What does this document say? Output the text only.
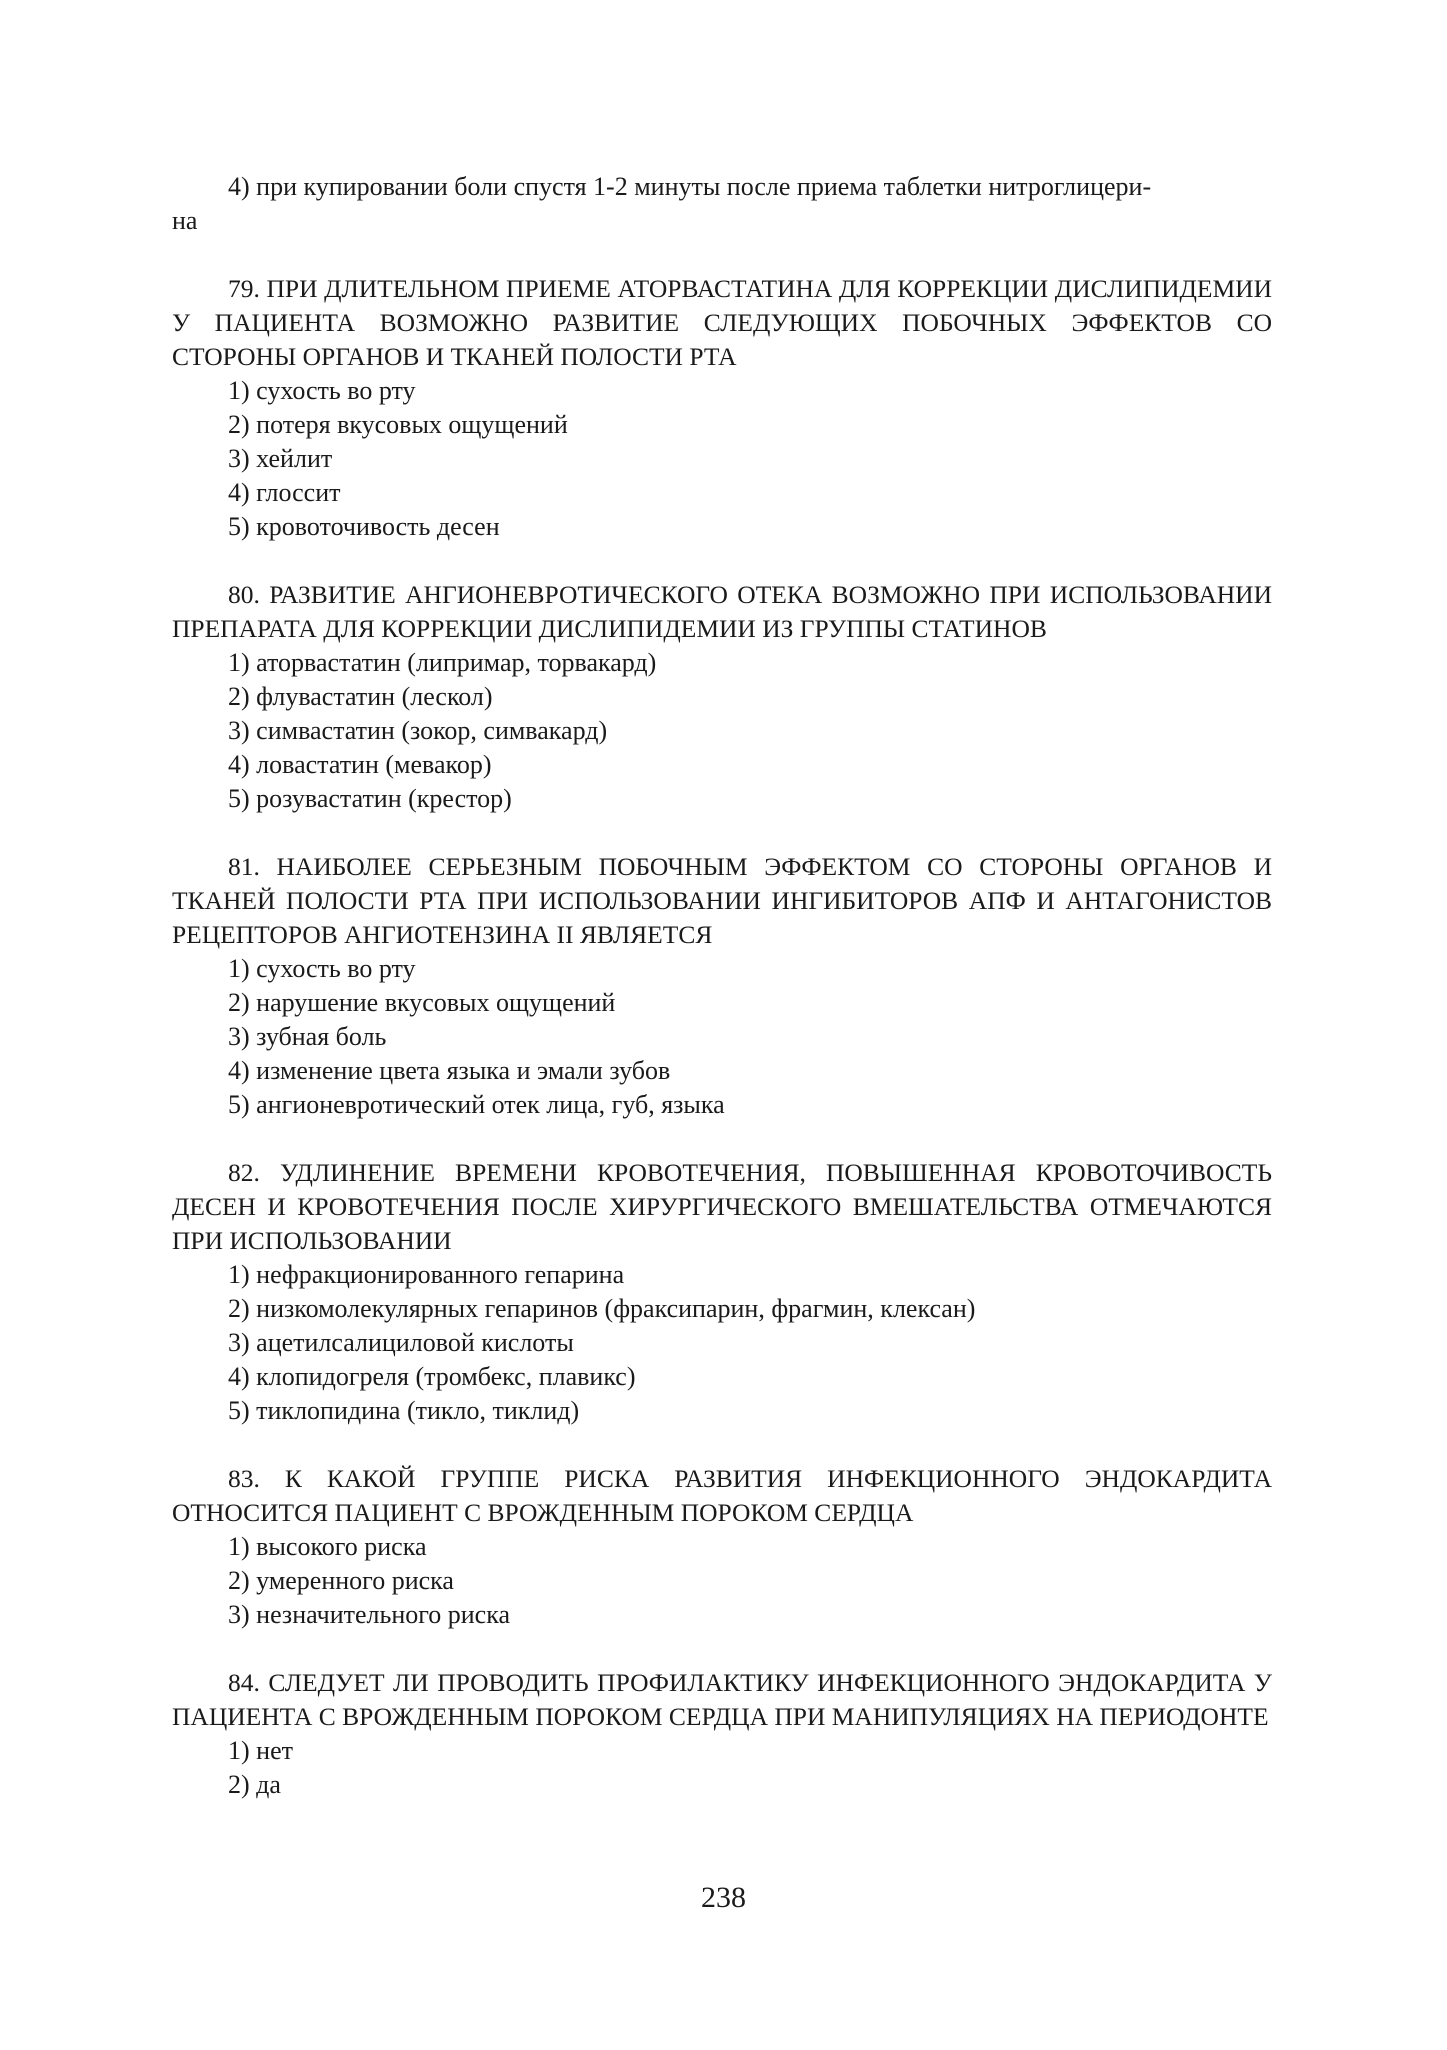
4) при купировании боли спустя 1-2 минуты после приема таблетки нитроглицери-
на

79. ПРИ ДЛИТЕЛЬНОМ ПРИЕМЕ АТОРВАСТАТИНА ДЛЯ КОРРЕКЦИИ ДИСЛИПИДЕМИИ У ПАЦИЕНТА ВОЗМОЖНО РАЗВИТИЕ СЛЕДУЮЩИХ ПОБОЧНЫХ ЭФФЕКТОВ СО СТОРОНЫ ОРГАНОВ И ТКАНЕЙ ПОЛОСТИ РТА

1) сухость во рту
2) потеря вкусовых ощущений
3) хейлит
4) глоссит
5) кровоточивость десен

80. РАЗВИТИЕ АНГИОНЕВРОТИЧЕСКОГО ОТЕКА ВОЗМОЖНО ПРИ ИСПОЛЬЗОВАНИИ ПРЕПАРАТА ДЛЯ КОРРЕКЦИИ ДИСЛИПИДЕМИИ ИЗ ГРУППЫ СТАТИНОВ

1) аторвастатин (липримар, торвакард)
2) флувастатин (лескол)
3) симвастатин (зокор, симвакард)
4) ловастатин (мевакор)
5) розувастатин (крестор)

81. НАИБОЛЕЕ СЕРЬЕЗНЫМ ПОБОЧНЫМ ЭФФЕКТОМ СО СТОРОНЫ ОРГАНОВ И ТКАНЕЙ ПОЛОСТИ РТА ПРИ ИСПОЛЬЗОВАНИИ ИНГИБИТОРОВ АПФ И АНТАГОНИСТОВ РЕЦЕПТОРОВ АНГИОТЕНЗИНА II ЯВЛЯЕТСЯ

1) сухость во рту
2) нарушение вкусовых ощущений
3) зубная боль
4) изменение цвета языка и эмали зубов
5) ангионевротический отек лица, губ, языка

82. УДЛИНЕНИЕ ВРЕМЕНИ КРОВОТЕЧЕНИЯ, ПОВЫШЕННАЯ КРОВОТОЧИВОСТЬ ДЕСЕН И КРОВОТЕЧЕНИЯ ПОСЛЕ ХИРУРГИЧЕСКОГО ВМЕШАТЕЛЬСТВА ОТМЕЧАЮТСЯ ПРИ ИСПОЛЬЗОВАНИИ

1) нефракционированного гепарина
2) низкомолекулярных гепаринов (фраксипарин, фрагмин, клексан)
3) ацетилсалициловой кислоты
4) клопидогреля (тромбекс, плавикс)
5) тиклопидина (тикло, тиклид)

83. К КАКОЙ ГРУППЕ РИСКА РАЗВИТИЯ ИНФЕКЦИОННОГО ЭНДОКАРДИТА ОТНОСИТСЯ ПАЦИЕНТ С ВРОЖДЕННЫМ ПОРОКОМ СЕРДЦА

1) высокого риска
2) умеренного риска
3) незначительного риска

84. СЛЕДУЕТ ЛИ ПРОВОДИТЬ ПРОФИЛАКТИКУ ИНФЕКЦИОННОГО ЭНДОКАРДИТА У ПАЦИЕНТА С ВРОЖДЕННЫМ ПОРОКОМ СЕРДЦА ПРИ МАНИПУЛЯЦИЯХ НА ПЕРИОДОНТЕ

1) нет
2) да
238
